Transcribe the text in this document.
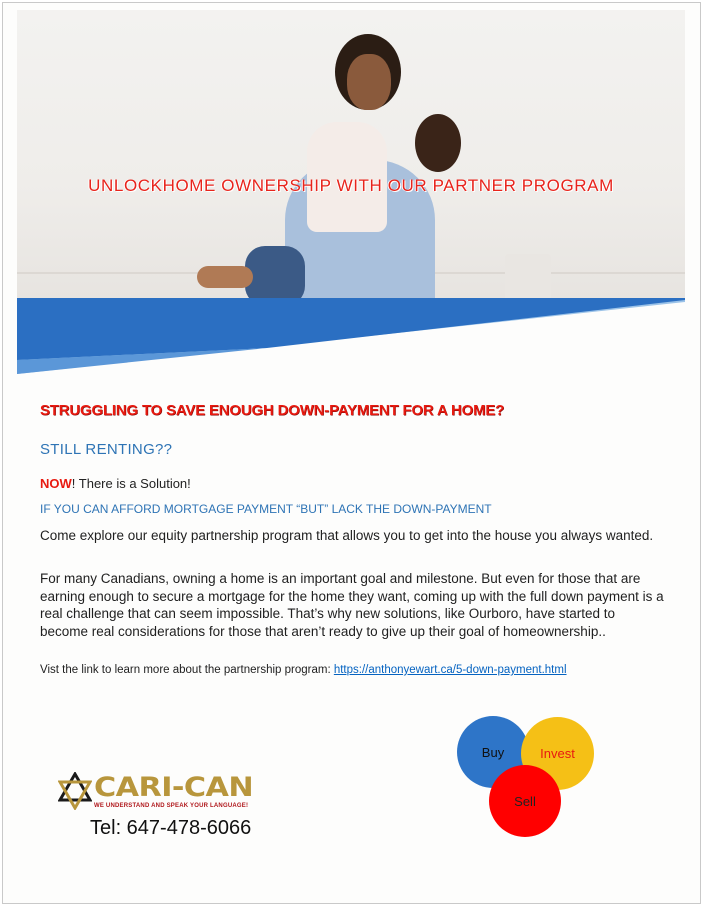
UNLOCKHOME OWNERSHIP WITH OUR PARTNER PROGRAM

STRUGGLING TO SAVE ENOUGH DOWN-PAYMENT FOR A HOME?

STILL RENTING??

NOW! There is a Solution!

IF YOU CAN AFFORD MORTGAGE PAYMENT “BUT” LACK THE DOWN-PAYMENT

Come explore our equity partnership program that allows you to get into the house you always wanted.

For many Canadians, owning a home is an important goal and milestone. But even for those that are earning enough to secure a mortgage for the home they want, coming up with the full down payment is a real challenge that can seem impossible. That’s why new solutions, like Ourboro, have started to become real considerations for those that aren’t ready to give up their goal of homeownership..

Vist the link to learn more about the partnership program: https://anthonyewart.ca/5-down-payment.html

Buy	Invest
Sell
CARI-CAN
WE UNDERSTAND AND SPEAK YOUR LANGUAGE!

Tel: 647-478-6066
